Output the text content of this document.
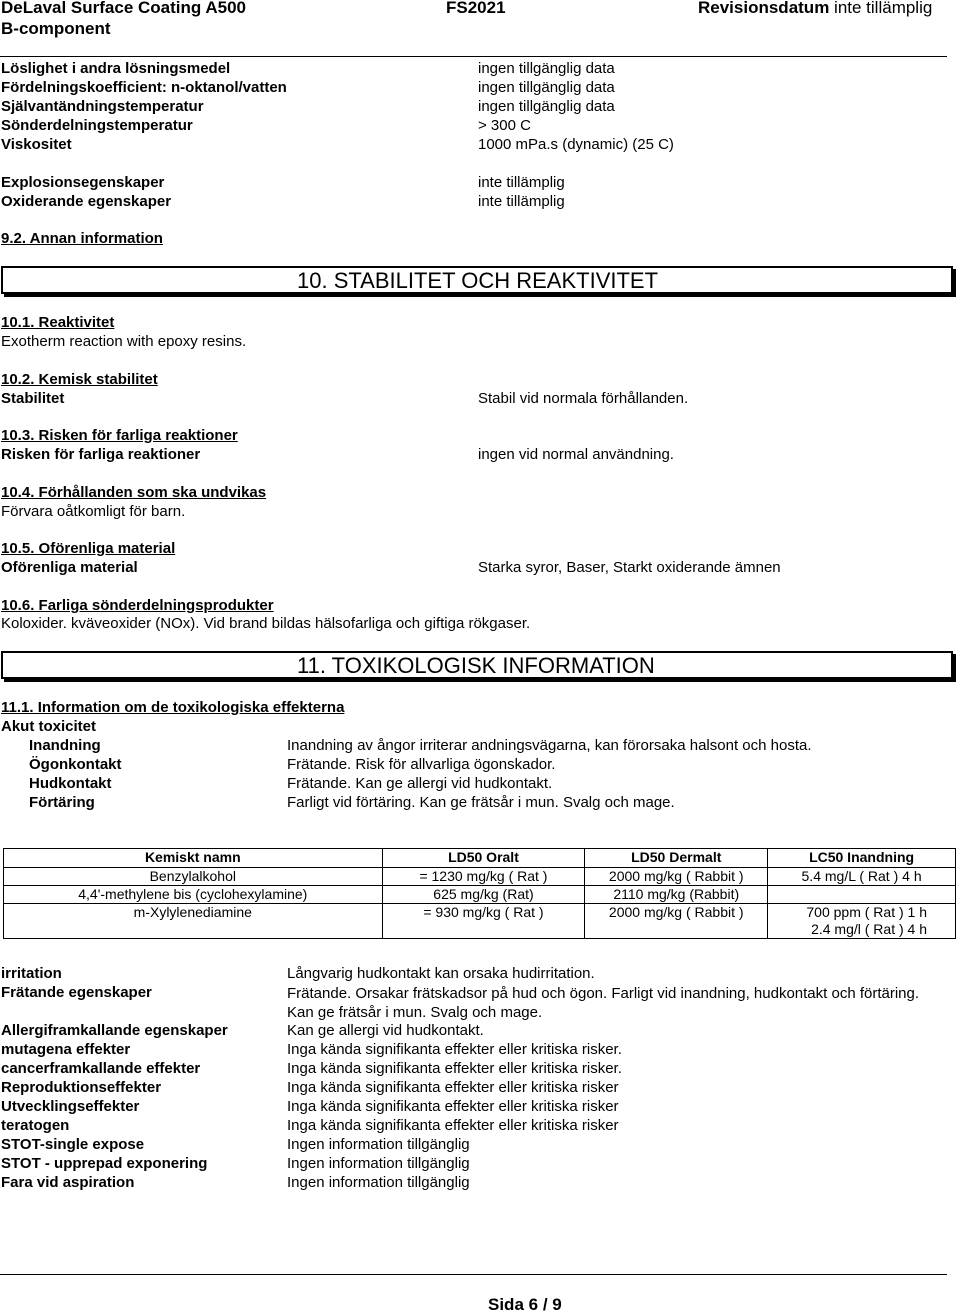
DeLaval Surface Coating A500
B-component
FS2021	Revisionsdatum inte tillämplig
Löslighet i andra lösningsmedel	ingen tillgänglig data
Fördelningskoefficient: n-oktanol/vatten	ingen tillgänglig data
Självantändningstemperatur	ingen tillgänglig data
Sönderdelningstemperatur	> 300 C
Viskositet	1000 mPa.s (dynamic) (25 C)
Explosionsegenskaper	inte tillämplig
Oxiderande egenskaper	inte tillämplig
9.2. Annan information
10. STABILITET OCH REAKTIVITET
10.1. Reaktivitet
Exotherm reaction with epoxy resins.
10.2. Kemisk stabilitet
Stabilitet	Stabil vid normala förhållanden.
10.3. Risken för farliga reaktioner
Risken för farliga reaktioner	ingen vid normal användning.
10.4. Förhållanden som ska undvikas
Förvara oåtkomligt för barn.
10.5. Oförenliga material
Oförenliga material	Starka syror, Baser, Starkt oxiderande ämnen
10.6. Farliga sönderdelningsprodukter
Koloxider. kväveoxider (NOx). Vid brand bildas hälsofarliga och giftiga rökgaser.
11. TOXIKOLOGISK INFORMATION
11.1. Information om de toxikologiska effekterna
Akut toxicitet
Inandning	Inandning av ångor irriterar andningsvägarna, kan förorsaka halsont och hosta.
Ögonkontakt	Frätande. Risk för allvarliga ögonskador.
Hudkontakt	Frätande. Kan ge allergi vid hudkontakt.
Förtäring	Farligt vid förtäring. Kan ge frätsår i mun. Svalg och mage.
Kemiskt namn	LD50 Oralt	LD50 Dermalt	LC50 Inandning
Benzylalkohol	= 1230 mg/kg ( Rat )	2000 mg/kg ( Rabbit )	5.4 mg/L ( Rat ) 4 h
4,4'-methylene bis (cyclohexylamine)	625 mg/kg (Rat)	2110 mg/kg (Rabbit)	
m-Xylylenediamine	= 930 mg/kg ( Rat )	2000 mg/kg ( Rabbit )	700 ppm ( Rat ) 1 h
2.4 mg/l ( Rat ) 4 h
irritation	Långvarig hudkontakt kan orsaka hudirritation.
Frätande egenskaper	Frätande. Orsakar frätskadsor på hud och ögon. Farligt vid inandning, hudkontakt och förtäring. Kan ge frätsår i mun. Svalg och mage.
Allergiframkallande egenskaper	Kan ge allergi vid hudkontakt.
mutagena effekter	Inga kända signifikanta effekter eller kritiska risker.
cancerframkallande effekter	Inga kända signifikanta effekter eller kritiska risker.
Reproduktionseffekter	Inga kända signifikanta effekter eller kritiska risker
Utvecklingseffekter	Inga kända signifikanta effekter eller kritiska risker
teratogen	Inga kända signifikanta effekter eller kritiska risker
STOT-single expose	Ingen information tillgänglig
STOT - upprepad exponering	Ingen information tillgänglig
Fara vid aspiration	Ingen information tillgänglig
Sida 6 / 9
